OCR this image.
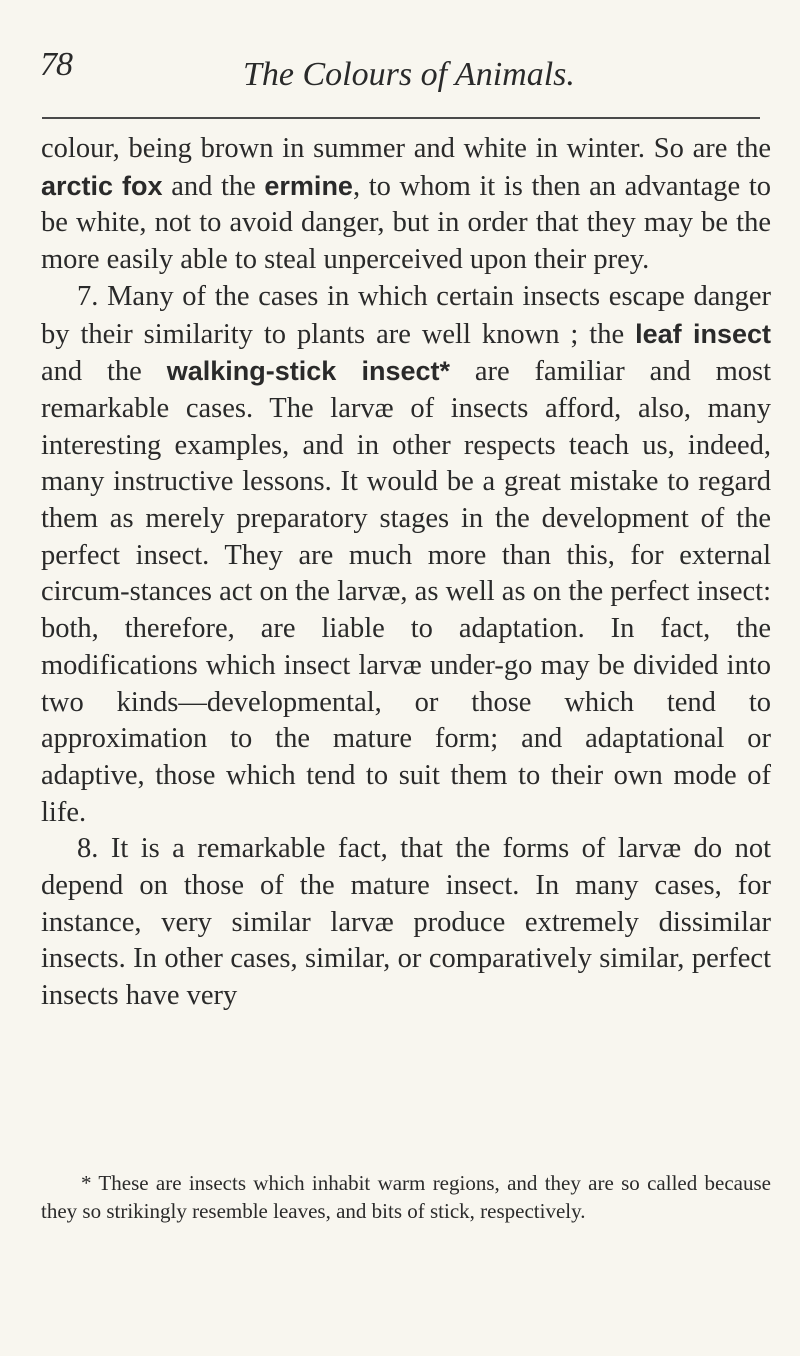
78	The Colours of Animals.

colour, being brown in summer and white in winter. So are the arctic fox and the ermine, to whom it is then an advantage to be white, not to avoid danger, but in order that they may be the more easily able to steal unperceived upon their prey.

7. Many of the cases in which certain insects escape danger by their similarity to plants are well known ; the leaf insect and the walking-stick insect* are familiar and most remarkable cases. The larvæ of insects afford, also, many interesting examples, and in other respects teach us, indeed, many instructive lessons. It would be a great mistake to regard them as merely preparatory stages in the development of the perfect insect. They are much more than this, for external circum-stances act on the larvæ, as well as on the perfect insect: both, therefore, are liable to adaptation. In fact, the modifications which insect larvæ under-go may be divided into two kinds—developmental, or those which tend to approximation to the mature form; and adaptational or adaptive, those which tend to suit them to their own mode of life.

8. It is a remarkable fact, that the forms of larvæ do not depend on those of the mature insect. In many cases, for instance, very similar larvæ produce extremely dissimilar insects. In other cases, similar, or comparatively similar, perfect insects have very

* These are insects which inhabit warm regions, and they are so called because they so strikingly resemble leaves, and bits of stick, respectively.
